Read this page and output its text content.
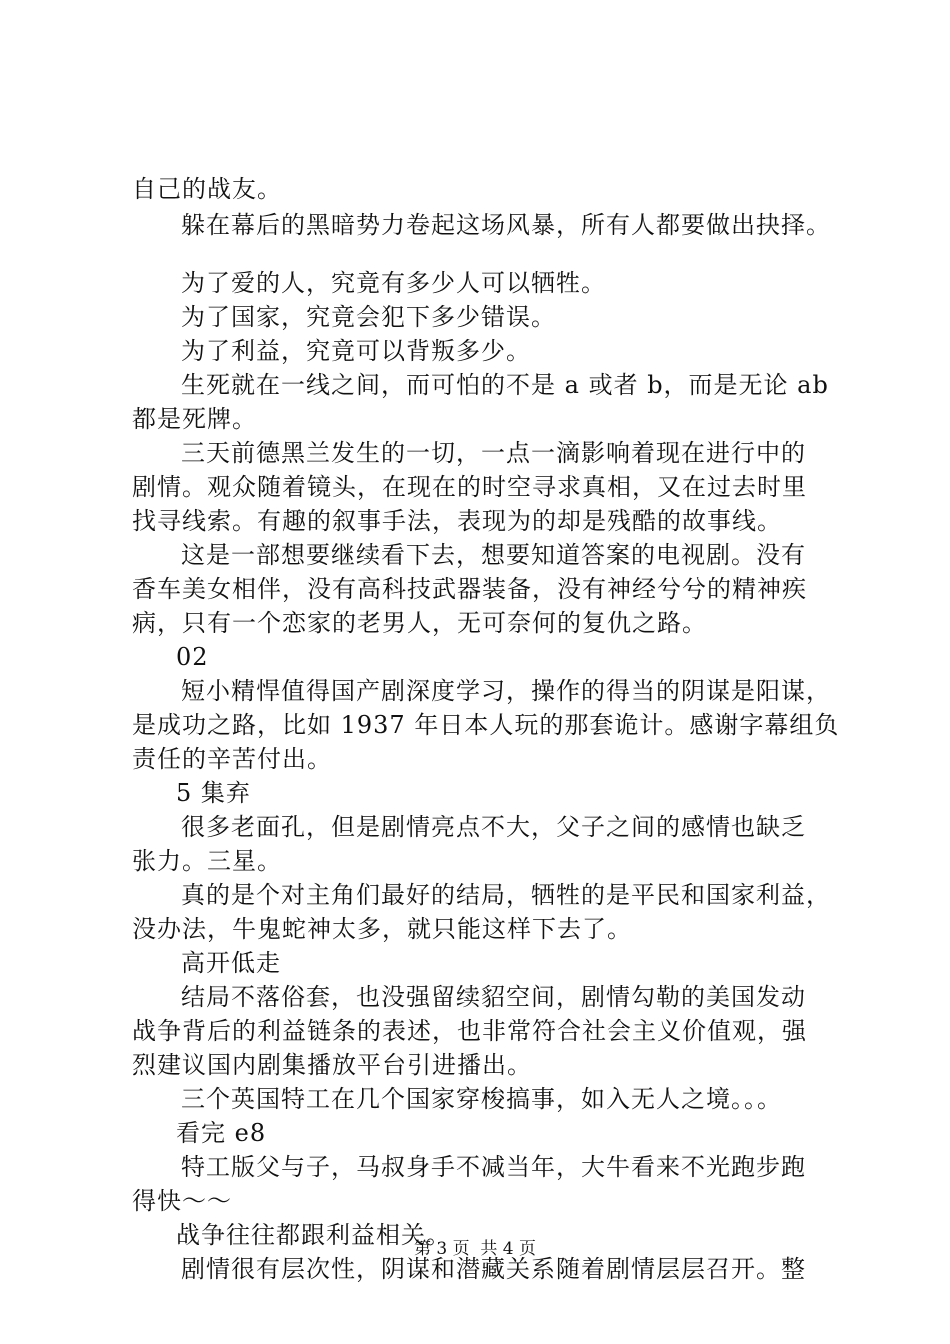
自己的战友。
躲在幕后的黑暗势力卷起这场风暴，所有人都要做出抉择。
为了爱的人，究竟有多少人可以牺牲。
为了国家，究竟会犯下多少错误。
为了利益，究竟可以背叛多少。
生死就在一线之间，而可怕的不是 a 或者 b，而是无论 ab
都是死牌。
三天前德黑兰发生的一切，一点一滴影响着现在进行中的
剧情。观众随着镜头，在现在的时空寻求真相，又在过去时里
找寻线索。有趣的叙事手法，表现为的却是残酷的故事线。
这是一部想要继续看下去，想要知道答案的电视剧。没有
香车美女相伴，没有高科技武器装备，没有神经兮兮的精神疾
病，只有一个恋家的老男人，无可奈何的复仇之路。
02
短小精悍值得国产剧深度学习，操作的得当的阴谋是阳谋，
是成功之路，比如 1937 年日本人玩的那套诡计。感谢字幕组负
责任的辛苦付出。
5 集弃
很多老面孔，但是剧情亮点不大，父子之间的感情也缺乏
张力。三星。
真的是个对主角们最好的结局，牺牲的是平民和国家利益，
没办法，牛鬼蛇神太多，就只能这样下去了。
高开低走
结局不落俗套，也没强留续貂空间，剧情勾勒的美国发动
战争背后的利益链条的表述，也非常符合社会主义价值观，强
烈建议国内剧集播放平台引进播出。
三个英国特工在几个国家穿梭搞事，如入无人之境。。。
看完 e8
特工版父与子，马叔身手不减当年，大牛看来不光跑步跑
得快～～
战争往往都跟利益相关。
剧情很有层次性，阴谋和潜藏关系随着剧情层层召开。整
第 3 页  共 4 页
